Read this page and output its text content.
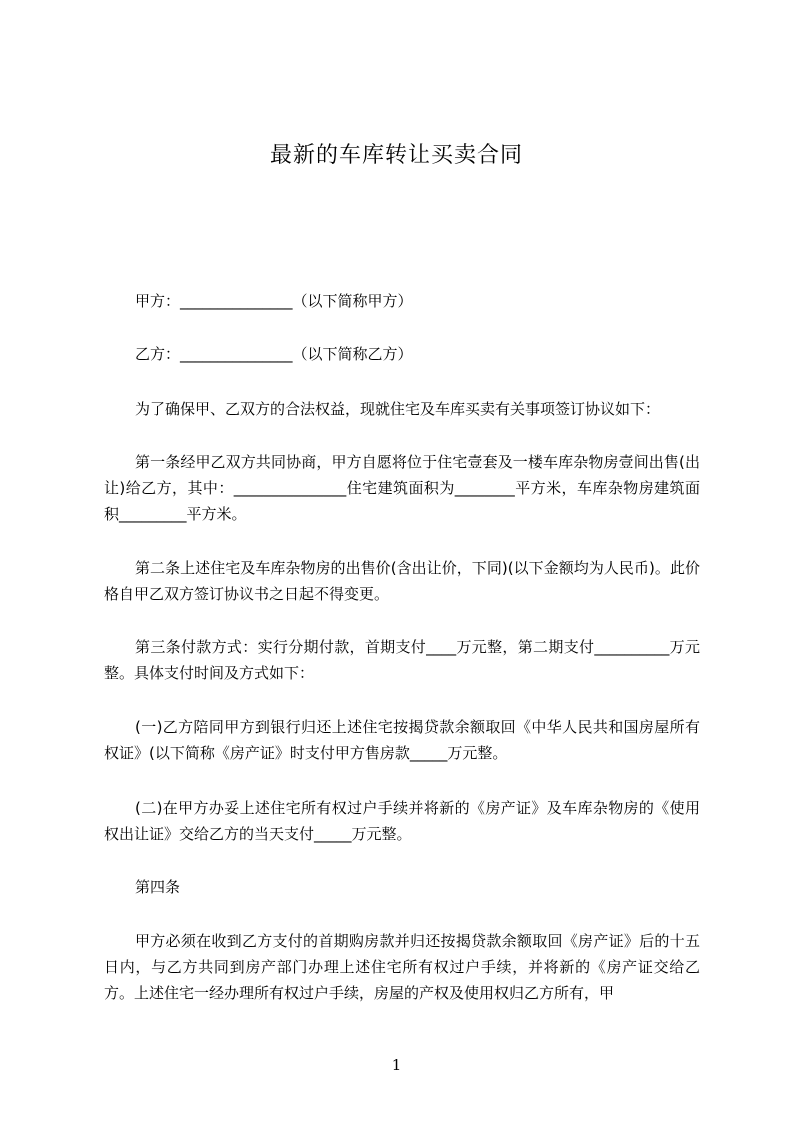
最新的车库转让买卖合同
甲方：_______________（以下简称甲方）
乙方：_______________（以下简称乙方）
为了确保甲、乙双方的合法权益，现就住宅及车库买卖有关事项签订协议如下：
第一条经甲乙双方共同协商，甲方自愿将位于住宅壹套及一楼车库杂物房壹间出售(出让)给乙方，其中：_______________住宅建筑面积为________平方米，车库杂物房建筑面积_________平方米。
第二条上述住宅及车库杂物房的出售价(含出让价，下同)(以下金额均为人民币)。此价格自甲乙双方签订协议书之日起不得变更。
第三条付款方式：实行分期付款，首期支付____万元整，第二期支付__________万元整。具体支付时间及方式如下：
(一)乙方陪同甲方到银行归还上述住宅按揭贷款余额取回《中华人民共和国房屋所有权证》(以下简称《房产证》时支付甲方售房款_____万元整。
(二)在甲方办妥上述住宅所有权过户手续并将新的《房产证》及车库杂物房的《使用权出让证》交给乙方的当天支付_____万元整。
第四条
甲方必须在收到乙方支付的首期购房款并归还按揭贷款余额取回《房产证》后的十五日内，与乙方共同到房产部门办理上述住宅所有权过户手续，并将新的《房产证交给乙方。上述住宅一经办理所有权过户手续，房屋的产权及使用权归乙方所有，甲
1
